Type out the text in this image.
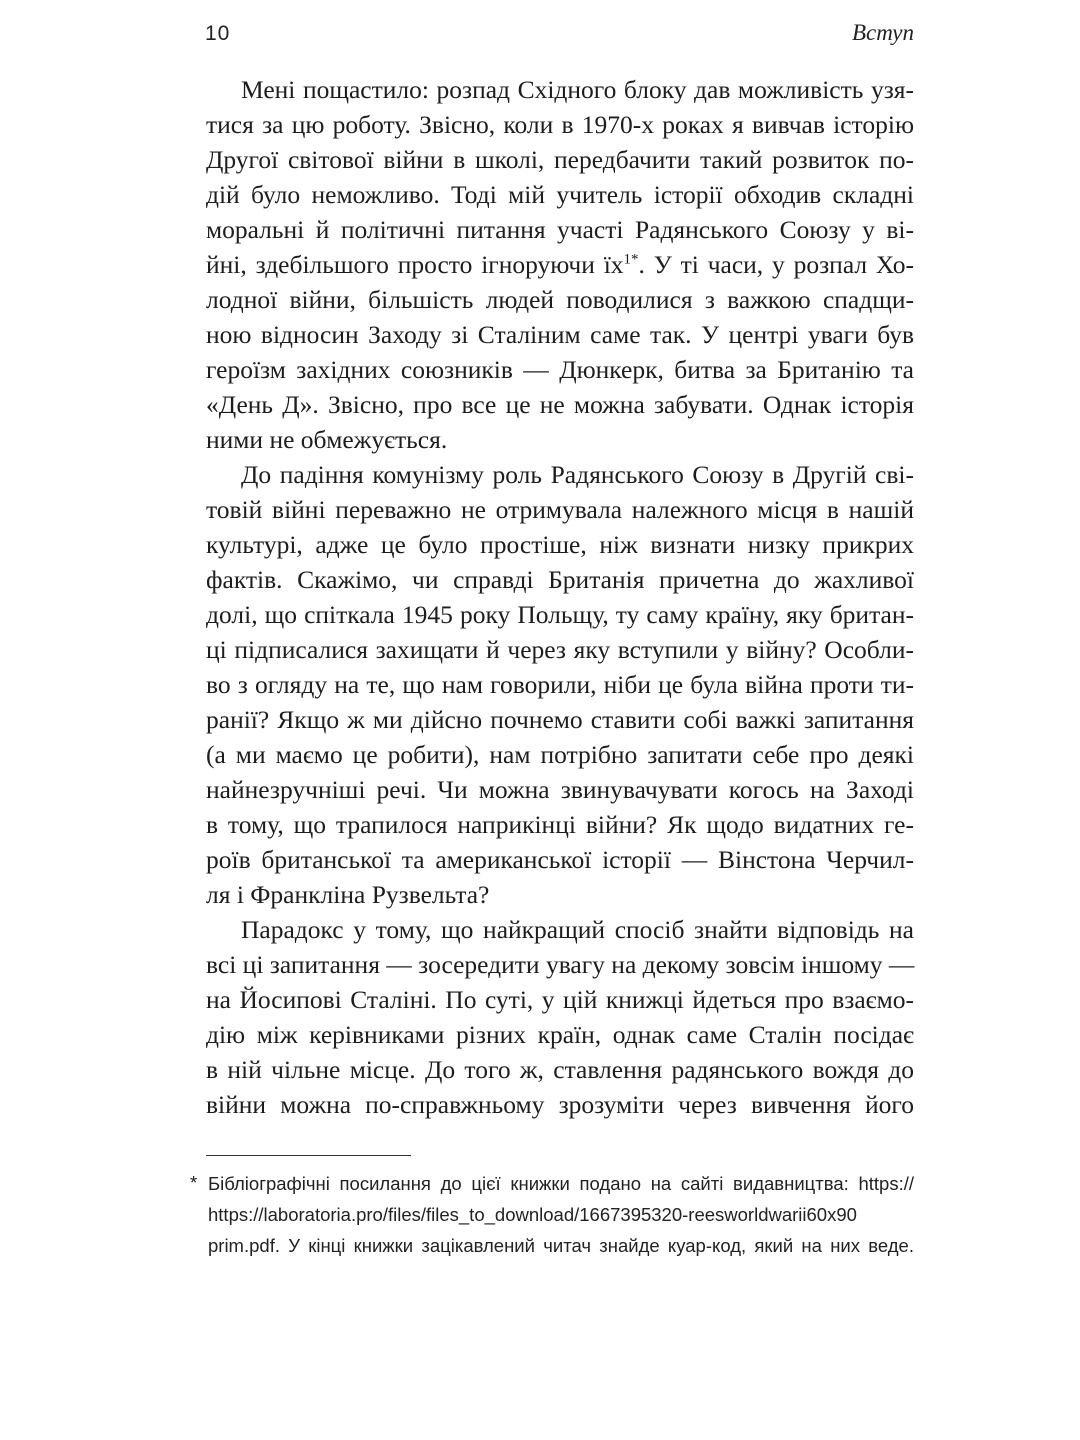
10	Вступ

Мені пощастило: розпад Східного блоку дав можливість узя-

тися за цю роботу. Звісно, коли в 1970-х роках я вивчав історію

Другої світової війни в школі, передбачити такий розвиток по-

дій було неможливо. Тоді мій учитель історії обходив складні

моральні й політичні питання участі Радянського Союзу у ві-

йні, здебільшого просто ігноруючи їх$^{1*}$. У ті часи, у розпал Хо-

лодної війни, більшість людей поводилися з важкою спадщи-

ною відносин Заходу зі Сталіним саме так. У центрі уваги був

героїзм західних союзників — Дюнкерк, битва за Британію та

«День Д». Звісно, про все це не можна забувати. Однак історія

ними не обмежується.

До падіння комунізму роль Радянського Союзу в Другій сві-

товій війні переважно не отримувала належного місця в нашій

культурі, адже це було простіше, ніж визнати низку прикрих

фактів. Скажімо, чи справді Британія причетна до жахливої

долі, що спіткала 1945 року Польщу, ту саму країну, яку британ-

ці підписалися захищати й через яку вступили у війну? Особли-

во з огляду на те, що нам говорили, ніби це була війна проти ти-

ранії? Якщо ж ми дійсно почнемо ставити собі важкі запитання

(а ми маємо це робити), нам потрібно запитати себе про деякі

найнезручніші речі. Чи можна звинувачувати когось на Заході

в тому, що трапилося наприкінці війни? Як щодо видатних ге-

роїв британської та американської історії — Вінстона Черчил-

ля і Франкліна Рузвельта?

Парадокс у тому, що найкращий спосіб знайти відповідь на

всі ці запитання — зосередити увагу на декому зовсім іншому —

на Йосипові Сталіні. По суті, у цій книжці йдеться про взаємо-

дію між керівниками різних країн, однак саме Сталін посідає

в ній чільне місце. До того ж, ставлення радянського вождя до

війни можна по-справжньому зрозуміти через вивчення його

* Бібліографічні посилання до цієї книжки подано на сайті видавництва: https://

https://laboratoria.pro/files/files_to_download/1667395320-reesworldwarii60x90

prim.pdf. У кінці книжки зацікавлений читач знайде куар-код, який на них веде.
